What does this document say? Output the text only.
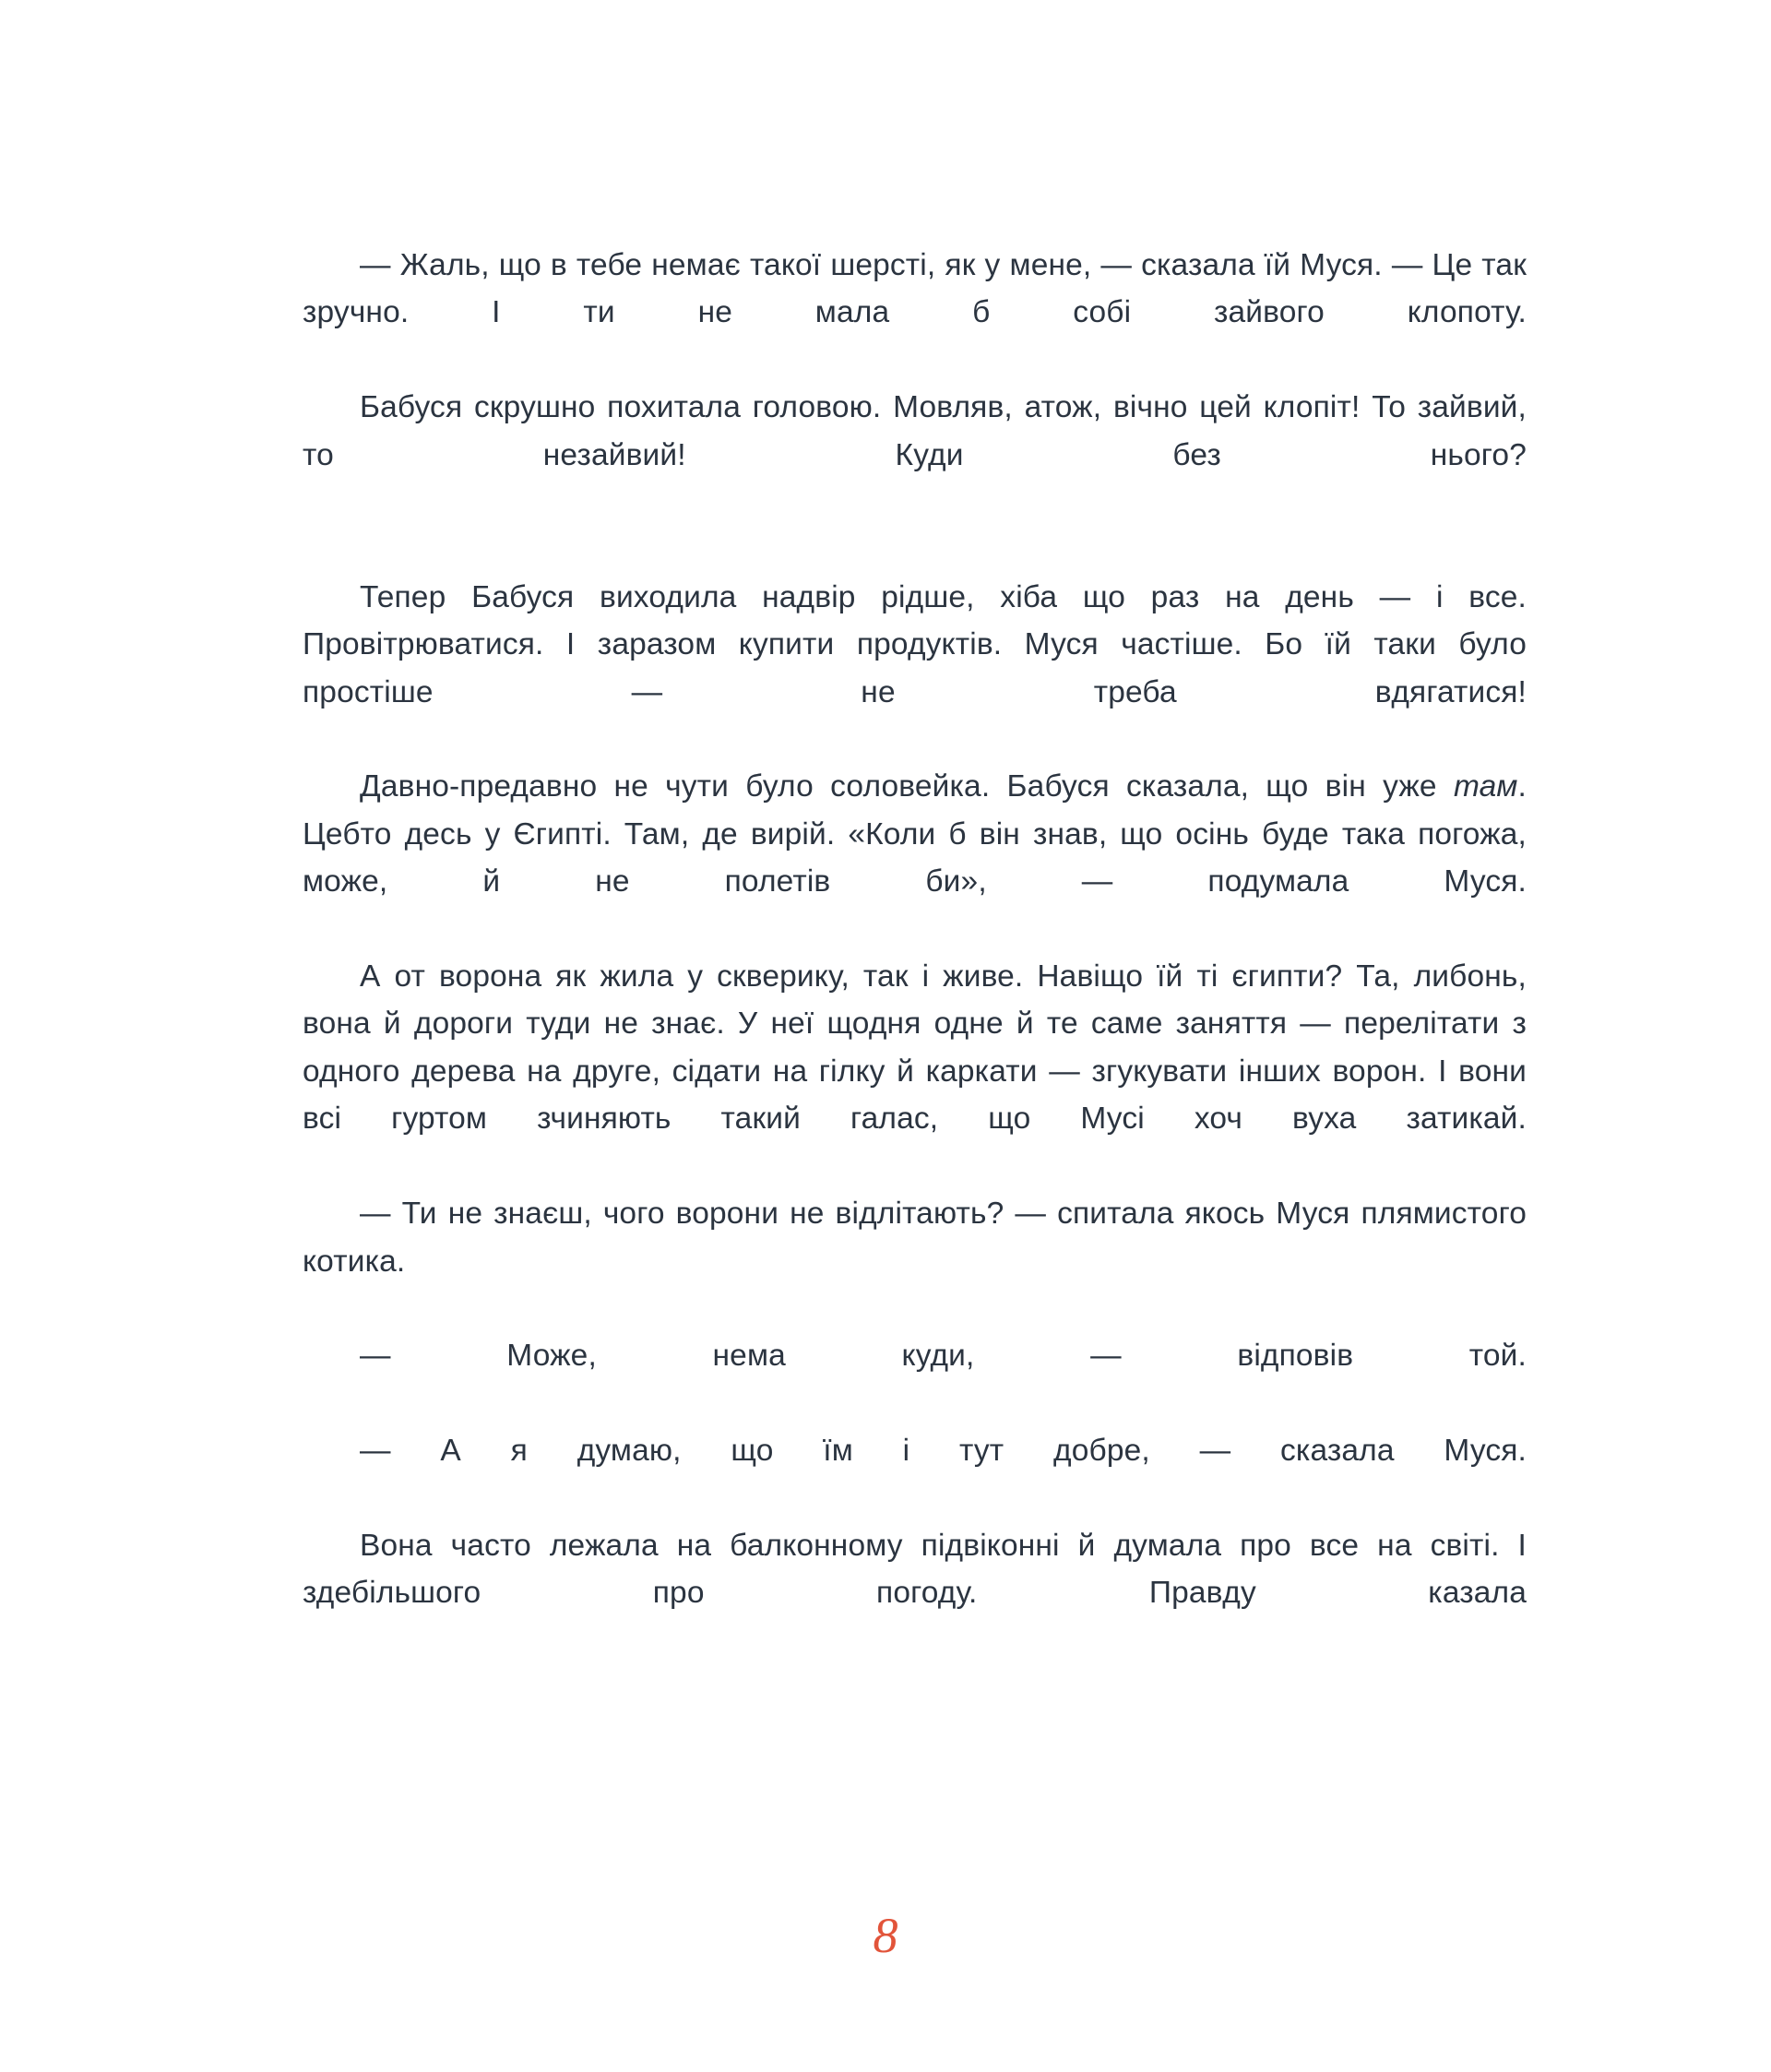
— Жаль, що в тебе немає такої шерсті, як у мене, — сказала їй Муся. — Це так зручно. І ти не мала б собі зайвого клопоту.

Бабуся скрушно похитала головою. Мовляв, атож, вічно цей клопіт! То зайвий, то незайвий! Куди без нього?

Тепер Бабуся виходила надвір рідше, хіба що раз на день — і все. Провітрюватися. І заразом купити продуктів. Муся частіше. Бо їй таки було простіше — не треба вдягатися!

Давно-предавно не чути було соловейка. Бабуся сказала, що він уже там. Цебто десь у Єгипті. Там, де вирій. «Коли б він знав, що осінь буде така погожа, може, й не полетів би», — подумала Муся.

А от ворона як жила у скверику, так і живе. Навіщо їй ті єгипти? Та, либонь, вона й дороги туди не знає. У неї щодня одне й те саме заняття — перелітати з одного дерева на друге, сідати на гілку й каркати — згукувати інших ворон. І вони всі гуртом зчиняють такий галас, що Мусі хоч вуха затикай.

— Ти не знаєш, чого ворони не відлітають? — спитала якось Муся плямистого котика.

— Може, нема куди, — відповів той.

— А я думаю, що їм і тут добре, — сказала Муся.

Вона часто лежала на балконному підвіконні й думала про все на світі. І здебільшого про погоду. Правду казала

8
